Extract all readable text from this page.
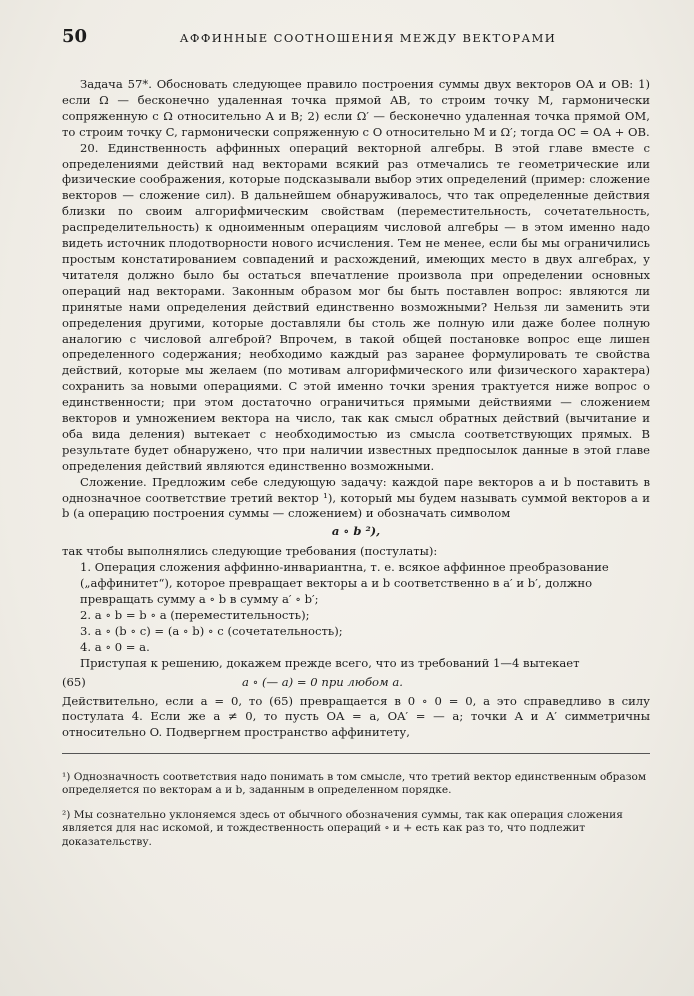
50	АФФИННЫЕ СООТНОШЕНИЯ МЕЖДУ ВЕКТОРАМИ

Задача 57*. Обосновать следующее правило построения суммы двух векторов OA и OB: 1) если Ω — бесконечно удаленная точка прямой AB, то строим точку M, гармонически сопряженную с Ω относительно A и B; 2) если Ω′ — бесконечно удаленная точка прямой OM, то строим точку C, гармонически сопряженную с O относительно M и Ω′; тогда OC = OA + OB.

20. Единственность аффинных операций векторной алгебры. В этой главе вместе с определениями действий над векторами всякий раз отмечались те геометрические или физические соображения, которые подсказывали выбор этих определений (пример: сложение векторов — сложение сил). В дальнейшем обнаруживалось, что так определенные действия близки по своим алгорифмическим свойствам (переместительность, сочетательность, распределительность) к одноименным операциям числовой алгебры — в этом именно надо видеть источник плодотворности нового исчисления. Тем не менее, если бы мы ограничились простым констатированием совпадений и расхождений, имеющих место в двух алгебрах, у читателя должно было бы остаться впечатление произвола при определении основных операций над векторами. Законным образом мог бы быть поставлен вопрос: являются ли принятые нами определения действий единственно возможными? Нельзя ли заменить эти определения другими, которые доставляли бы столь же полную или даже более полную аналогию с числовой алгеброй? Впрочем, в такой общей постановке вопрос еще лишен определенного содержания; необходимо каждый раз заранее формулировать те свойства действий, которые мы желаем (по мотивам алгорифмического или физического характера) сохранить за новыми операциями. С этой именно точки зрения трактуется ниже вопрос о единственности; при этом достаточно ограничиться прямыми действиями — сложением векторов и умножением вектора на число, так как смысл обратных действий (вычитание и оба вида деления) вытекает с необходимостью из смысла соответствующих прямых. В результате будет обнаружено, что при наличии известных предпосылок данные в этой главе определения действий являются единственно возможными.

Сложение. Предложим себе следующую задачу: каждой паре векторов a и b поставить в однозначное соответствие третий вектор ¹), который мы будем называть суммой векторов a и b (а операцию построения суммы — сложением) и обозначать символом

a ∘ b ²),

так чтобы выполнялись следующие требования (постулаты):

1. Операция сложения аффинно-инвариантна, т. е. всякое аффинное преобразование („аффинитет“), которое превращает векторы a и b соответственно в a′ и b′, должно превращать сумму a ∘ b в сумму a′ ∘ b′;
2. a ∘ b = b ∘ a (переместительность);
3. a ∘ (b ∘ c) = (a ∘ b) ∘ c (сочетательность);
4. a ∘ 0 = a.

Приступая к решению, докажем прежде всего, что из требований 1—4 вытекает

(65)	a ∘ (— a) = 0 при любом a.

Действительно, если a = 0, то (65) превращается в 0 ∘ 0 = 0, а это справедливо в силу постулата 4. Если же a ≠ 0, то пусть OA = a, OA′ = — a; точки A и A′ симметричны относительно O. Подвергнем пространство аффинитету,

¹) Однозначность соответствия надо понимать в том смысле, что третий вектор единственным образом определяется по векторам a и b, заданным в определенном порядке.

²) Мы сознательно уклоняемся здесь от обычного обозначения суммы, так как операция сложения является для нас искомой, и тождественность операций ∘ и + есть как раз то, что подлежит доказательству.
